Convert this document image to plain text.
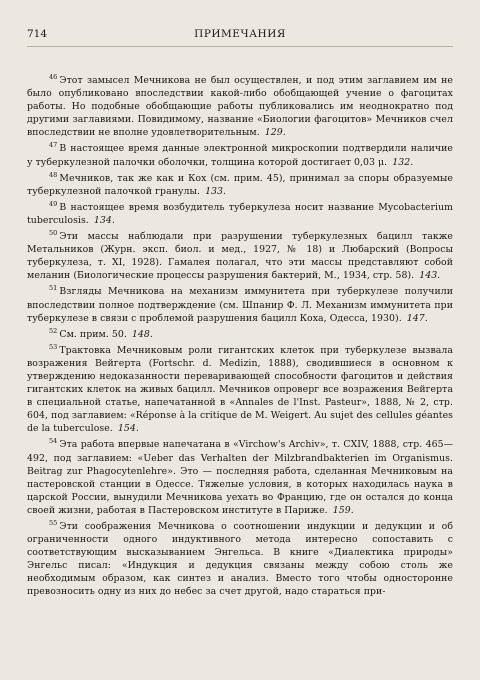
714	ПРИМЕЧАНИЯ

$^{46}$ Этот замысел Мечникова не был осуществлен, и под этим заглавием им не было опубликовано впоследствии какой-либо обобщающей учение о фагоцитах работы. Но подобные обобщающие работы публиковались им неоднократно под другими заглавиями. Повидимому, название «Биологии фагоцитов» Мечников счел впоследствии не вполне удовлетворительным. 129.

$^{47}$ В настоящее время данные электронной микроскопии подтвердили наличие у туберкулезной палочки оболочки, толщина которой достигает 0,03 μ. 132.

$^{48}$ Мечников, так же как и Кох (см. прим. 45), принимал за споры образуемые туберкулезной палочкой гранулы. 133.

$^{49}$ В настоящее время возбудитель туберкулеза носит название Mycobacterium tuberculosis. 134.

$^{50}$ Эти массы наблюдали при разрушении туберкулезных бацилл также Метальников (Журн. эксп. биол. и мед., 1927, № 18) и Любарский (Вопросы туберкулеза, т. XI, 1928). Гамалея полагал, что эти массы представляют собой меланин (Биологические процессы разрушения бактерий, М., 1934, стр. 58). 143.

$^{51}$ Взгляды Мечникова на механизм иммунитета при туберкулезе получили впоследствии полное подтверждение (см. Шпанир Ф. Л. Механизм иммунитета при туберкулезе в связи с проблемой разрушения бацилл Коха, Одесса, 1930). 147.

$^{52}$ См. прим. 50. 148.

$^{53}$ Трактовка Мечниковым роли гигантских клеток при туберкулезе вызвала возражения Вейгерта (Fortschr. d. Medizin, 1888), сводившиеся в основном к утверждению недоказанности переваривающей способности фагоцитов и действия гигантских клеток на живых бацилл. Мечников опроверг все возражения Вейгерта в специальной статье, напечатанной в «Annales de l'Inst. Pasteur», 1888, № 2, стр. 604, под заглавием: «Réponse à la critique de M. Weigert. Au sujet des cellules géantes de la tuberculose. 154.

$^{54}$ Эта работа впервые напечатана в «Virchow's Archiv», т. CXIV, 1888, стр. 465—492, под заглавием: «Ueber das Verhalten der Milzbrandbakterien im Organismus. Beitrag zur Phagocytenlehre». Это — последняя работа, сделанная Мечниковым на пастеровской станции в Одессе. Тяжелые условия, в которых находилась наука в царской России, вынудили Мечникова уехать во Францию, где он остался до конца своей жизни, работая в Пастеровском институте в Париже. 159.

$^{55}$ Эти соображения Мечникова о соотношении индукции и дедукции и об ограниченности одного индуктивного метода интересно сопоставить с соответствующим высказыванием Энгельса. В книге «Диалектика природы» Энгельс писал: «Индукция и дедукция связаны между собою столь же необходимым образом, как синтез и анализ. Вместо того чтобы односторонне превозносить одну из них до небес за счет другой, надо стараться при-
